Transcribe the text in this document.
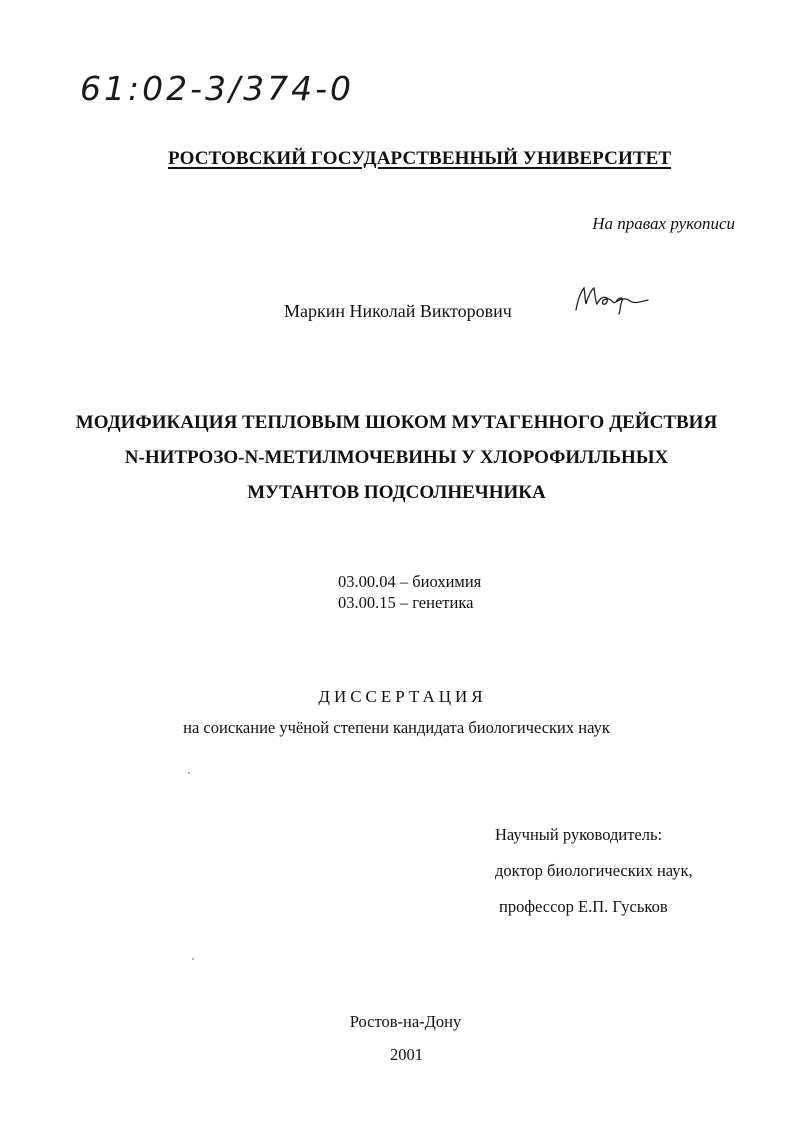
61:02-3/374-0
РОСТОВСКИЙ ГОСУДАРСТВЕННЫЙ УНИВЕРСИТЕТ
На правах рукописи
Маркин Николай Викторович
МОДИФИКАЦИЯ ТЕПЛОВЫМ ШОКОМ МУТАГЕННОГО ДЕЙСТВИЯ
N-НИТРОЗО-N-МЕТИЛМОЧЕВИНЫ У ХЛОРОФИЛЛЬНЫХ
МУТАНТОВ ПОДСОЛНЕЧНИКА
03.00.04 – биохимия
03.00.15 – генетика
ДИССЕРТАЦИЯ
на соискание учёной степени кандидата биологических наук
Научный руководитель:
доктор биологических наук,
профессор Е.П. Гуськов
Ростов-на-Дону
2001
